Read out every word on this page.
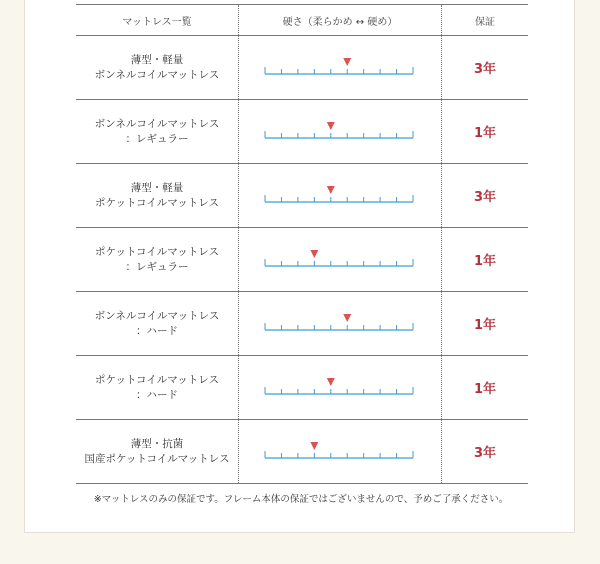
マットレス一覧	硬さ（柔らかめ ↔ 硬め）	保証

薄型・軽量
ボンネルコイルマットレス		3年

ボンネルコイルマットレス
：レギュラー		1年

薄型・軽量
ポケットコイルマットレス		3年

ポケットコイルマットレス
：レギュラー		1年

ボンネルコイルマットレス
：ハード		1年

ポケットコイルマットレス
：ハード		1年

薄型・抗菌
国産ポケットコイルマットレス		3年
※マットレスのみの保証です。フレーム本体の保証ではございませんので、予めご了承ください。
